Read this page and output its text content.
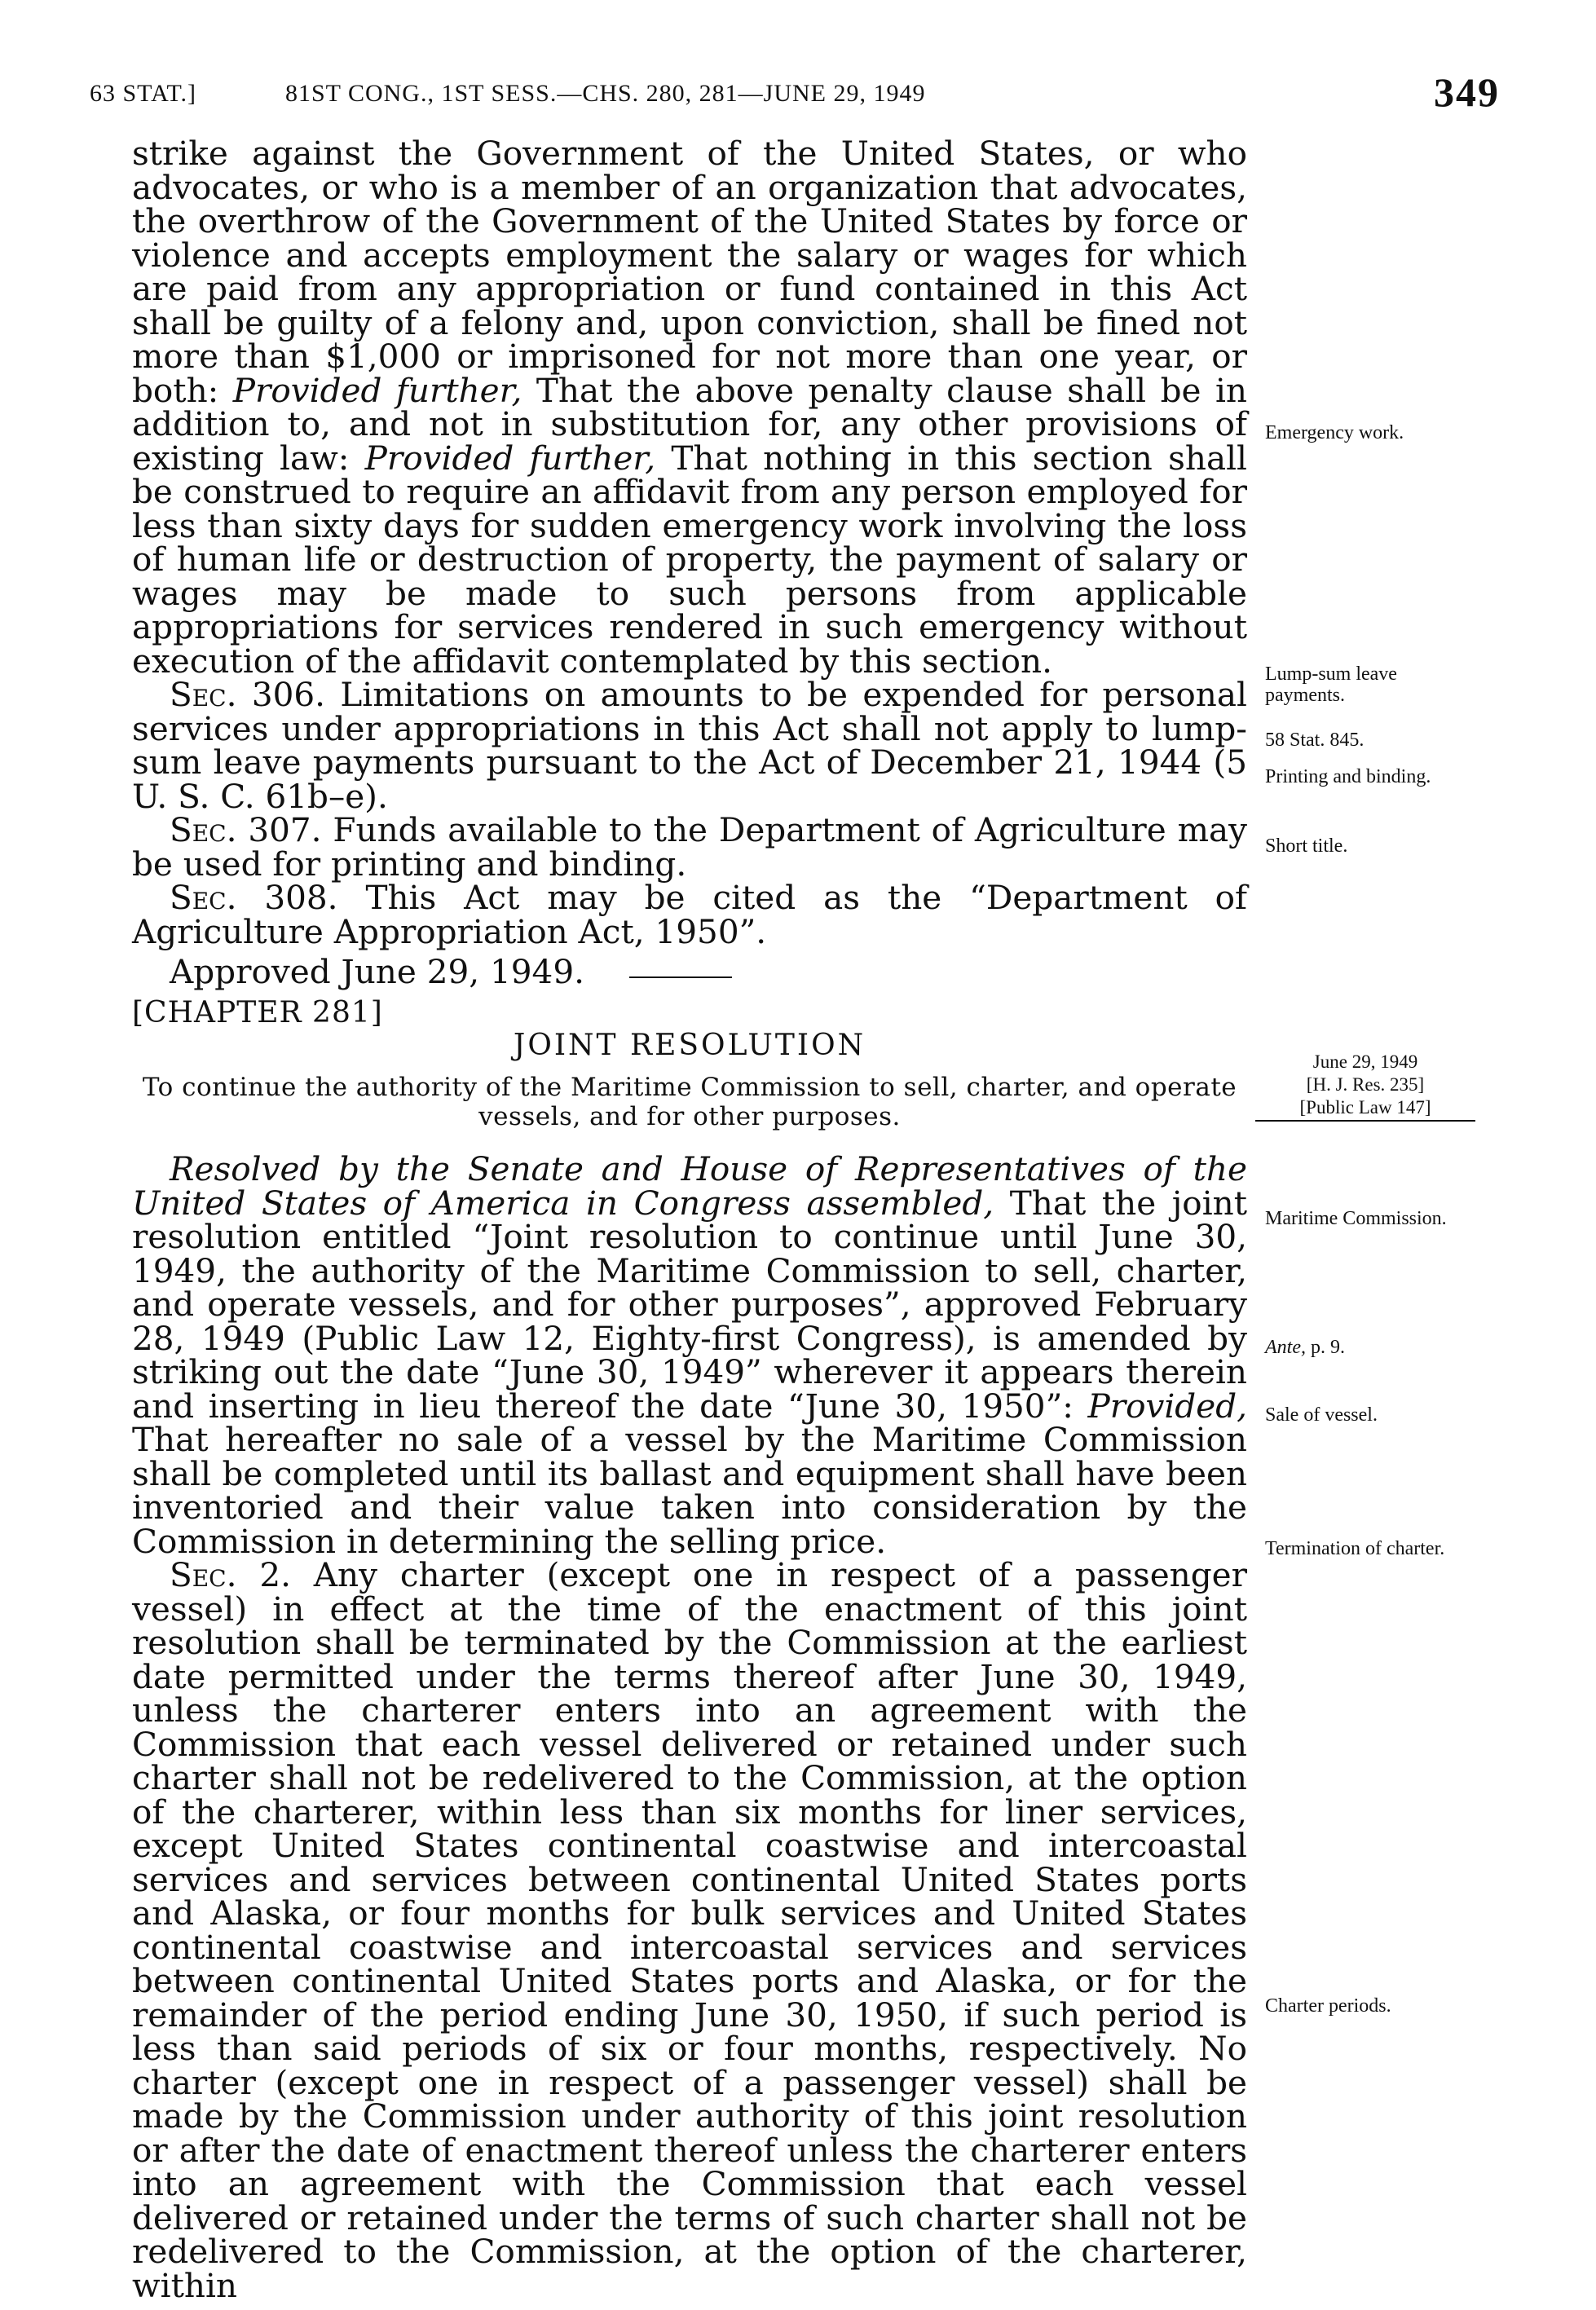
63 STAT.]	81ST CONG., 1ST SESS.—CHS. 280, 281—JUNE 29, 1949	349

strike against the Government of the United States, or who advocates, or who is a member of an organization that advocates, the overthrow of the Government of the United States by force or violence and accepts employment the salary or wages for which are paid from any appropriation or fund contained in this Act shall be guilty of a felony and, upon conviction, shall be fined not more than $1,000 or imprisoned for not more than one year, or both: Provided further, That the above penalty clause shall be in addition to, and not in substitution for, any other provisions of existing law: Provided further, That nothing in this section shall be construed to require an affidavit from any person employed for less than sixty days for sudden emergency work involving the loss of human life or destruction of property, the payment of salary or wages may be made to such persons from applicable appropriations for services rendered in such emergency without execution of the affidavit contemplated by this section.

Sec. 306. Limitations on amounts to be expended for personal services under appropriations in this Act shall not apply to lump-sum leave payments pursuant to the Act of December 21, 1944 (5 U. S. C. 61b–e).

Sec. 307. Funds available to the Department of Agriculture may be used for printing and binding.

Sec. 308. This Act may be cited as the “Department of Agriculture Appropriation Act, 1950”.

Approved June 29, 1949.

[CHAPTER 281]
JOINT RESOLUTION
To continue the authority of the Maritime Commission to sell, charter, and operate vessels, and for other purposes.
June 29, 1949
[H. J. Res. 235]
[Public Law 147]

Resolved by the Senate and House of Representatives of the United States of America in Congress assembled, That the joint resolution entitled “Joint resolution to continue until June 30, 1949, the authority of the Maritime Commission to sell, charter, and operate vessels, and for other purposes”, approved February 28, 1949 (Public Law 12, Eighty-first Congress), is amended by striking out the date “June 30, 1949” wherever it appears therein and inserting in lieu thereof the date “June 30, 1950”: Provided, That hereafter no sale of a vessel by the Maritime Commission shall be completed until its ballast and equipment shall have been inventoried and their value taken into consideration by the Commission in determining the selling price.

Sec. 2. Any charter (except one in respect of a passenger vessel) in effect at the time of the enactment of this joint resolution shall be terminated by the Commission at the earliest date permitted under the terms thereof after June 30, 1949, unless the charterer enters into an agreement with the Commission that each vessel delivered or retained under such charter shall not be redelivered to the Commission, at the option of the charterer, within less than six months for liner services, except United States continental coastwise and intercoastal services and services between continental United States ports and Alaska, or four months for bulk services and United States continental coastwise and intercoastal services and services between continental United States ports and Alaska, or for the remainder of the period ending June 30, 1950, if such period is less than said periods of six or four months, respectively. No charter (except one in respect of a passenger vessel) shall be made by the Commission under authority of this joint resolution or after the date of enactment thereof unless the charterer enters into an agreement with the Commission that each vessel delivered or retained under the terms of such charter shall not be redelivered to the Commission, at the option of the charterer, within

Emergency work.
Lump-sum leave payments.
58 Stat. 845.
Printing and binding.
Short title.
Maritime Commission.
Ante, p. 9.
Sale of vessel.
Termination of charter.
Charter periods.
